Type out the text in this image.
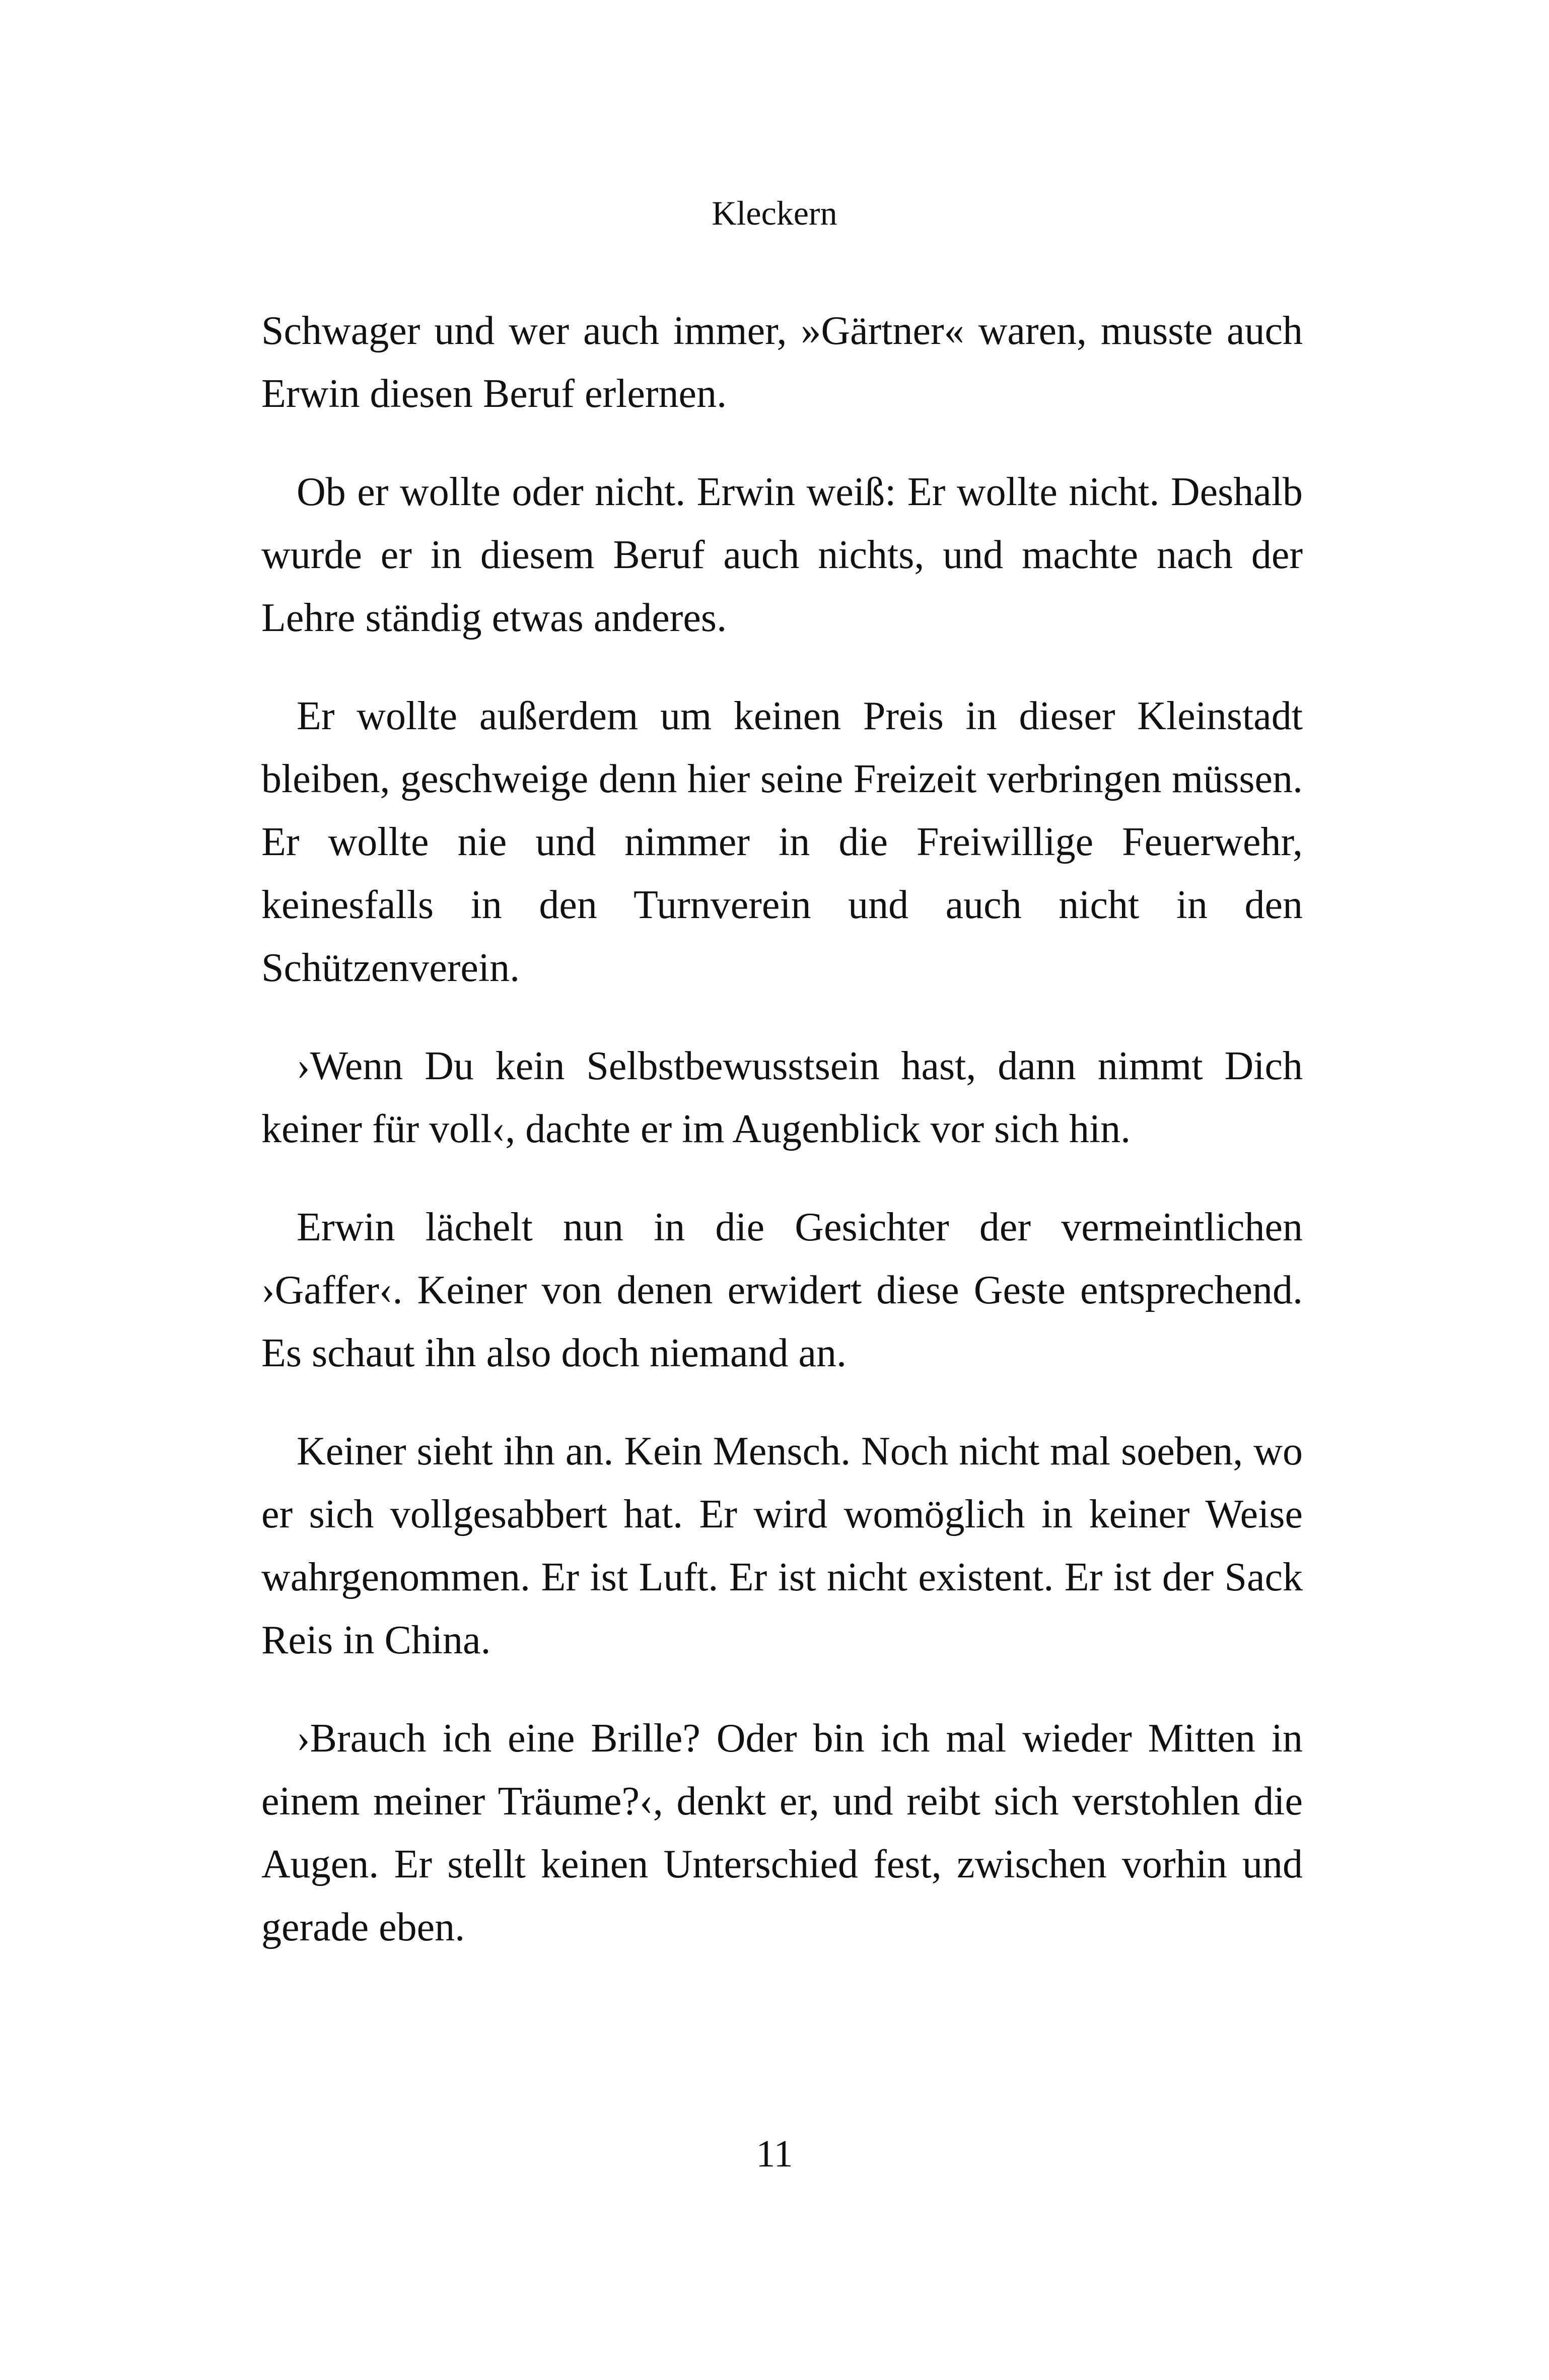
Kleckern

Schwager und wer auch immer, »Gärtner« waren, musste auch Erwin diesen Beruf erlernen.

Ob er wollte oder nicht. Erwin weiß: Er wollte nicht. Deshalb wurde er in diesem Beruf auch nichts, und machte nach der Lehre ständig etwas anderes.

Er wollte außerdem um keinen Preis in dieser Kleinstadt bleiben, geschweige denn hier seine Freizeit verbringen müssen. Er wollte nie und nimmer in die Freiwillige Feuerwehr, keinesfalls in den Turnverein und auch nicht in den Schützenverein.

›Wenn Du kein Selbstbewusstsein hast, dann nimmt Dich keiner für voll‹, dachte er im Augenblick vor sich hin.

Erwin lächelt nun in die Gesichter der vermeintlichen ›Gaffer‹. Keiner von denen erwidert diese Geste entsprechend. Es schaut ihn also doch niemand an.

Keiner sieht ihn an. Kein Mensch. Noch nicht mal soeben, wo er sich vollgesabbert hat. Er wird womöglich in keiner Weise wahrgenommen. Er ist Luft. Er ist nicht existent. Er ist der Sack Reis in China.

›Brauch ich eine Brille? Oder bin ich mal wieder Mitten in einem meiner Träume?‹, denkt er, und reibt sich verstohlen die Augen. Er stellt keinen Unterschied fest, zwischen vorhin und gerade eben.

11
